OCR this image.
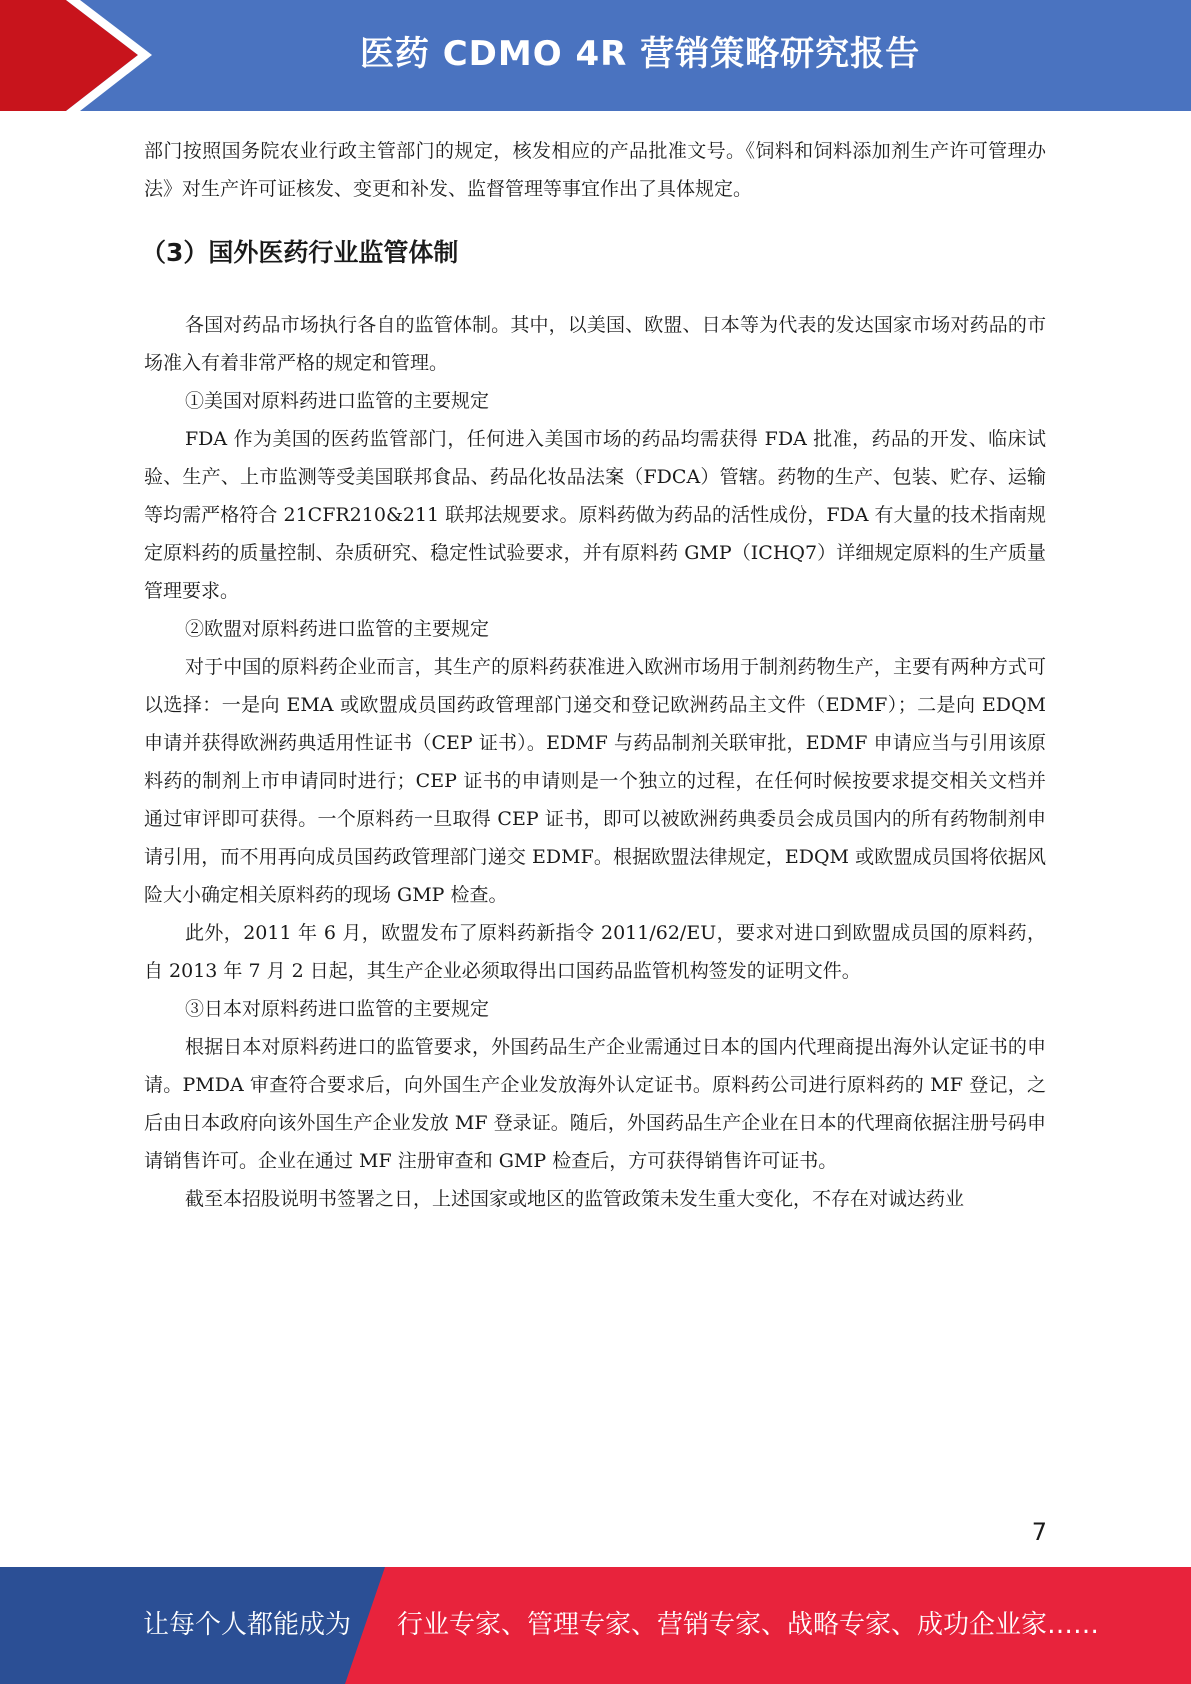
医药 CDMO 4R 营销策略研究报告

部门按照国务院农业行政主管部门的规定，核发相应的产品批准文号。《饲料和饲料添加剂生产许可管理办法》对生产许可证核发、变更和补发、监督管理等事宜作出了具体规定。

（3）国外医药行业监管体制

各国对药品市场执行各自的监管体制。其中，以美国、欧盟、日本等为代表的发达国家市场对药品的市场准入有着非常严格的规定和管理。

①美国对原料药进口监管的主要规定

FDA 作为美国的医药监管部门，任何进入美国市场的药品均需获得 FDA 批准，药品的开发、临床试验、生产、上市监测等受美国联邦食品、药品化妆品法案（FDCA）管辖。药物的生产、包装、贮存、运输等均需严格符合 21CFR210&211 联邦法规要求。原料药做为药品的活性成份，FDA 有大量的技术指南规定原料药的质量控制、杂质研究、稳定性试验要求，并有原料药 GMP（ICHQ7）详细规定原料的生产质量管理要求。

②欧盟对原料药进口监管的主要规定

对于中国的原料药企业而言，其生产的原料药获准进入欧洲市场用于制剂药物生产，主要有两种方式可以选择：一是向 EMA 或欧盟成员国药政管理部门递交和登记欧洲药品主文件（EDMF）；二是向 EDQM 申请并获得欧洲药典适用性证书（CEP 证书）。EDMF 与药品制剂关联审批，EDMF 申请应当与引用该原料药的制剂上市申请同时进行；CEP 证书的申请则是一个独立的过程，在任何时候按要求提交相关文档并通过审评即可获得。一个原料药一旦取得 CEP 证书，即可以被欧洲药典委员会成员国内的所有药物制剂申请引用，而不用再向成员国药政管理部门递交 EDMF。根据欧盟法律规定，EDQM 或欧盟成员国将依据风险大小确定相关原料药的现场 GMP 检查。

此外，2011 年 6 月，欧盟发布了原料药新指令 2011/62/EU，要求对进口到欧盟成员国的原料药，自 2013 年 7 月 2 日起，其生产企业必须取得出口国药品监管机构签发的证明文件。

③日本对原料药进口监管的主要规定

根据日本对原料药进口的监管要求，外国药品生产企业需通过日本的国内代理商提出海外认定证书的申请。PMDA 审查符合要求后，向外国生产企业发放海外认定证书。原料药公司进行原料药的 MF 登记，之后由日本政府向该外国生产企业发放 MF 登录证。随后，外国药品生产企业在日本的代理商依据注册号码申请销售许可。企业在通过 MF 注册审查和 GMP 检查后，方可获得销售许可证书。

截至本招股说明书签署之日，上述国家或地区的监管政策未发生重大变化，不存在对诚达药业

7
让每个人都能成为 行业专家、管理专家、营销专家、战略专家、成功企业家……
